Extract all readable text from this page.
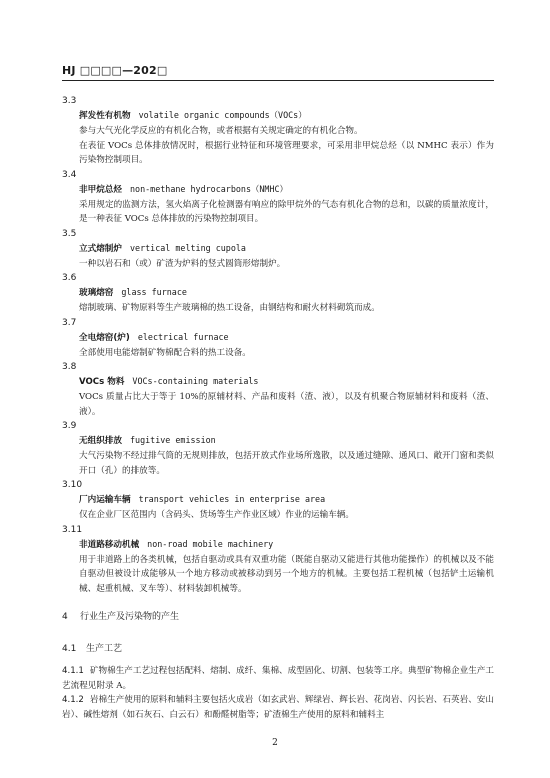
HJ □□□□—202□
3.3
挥发性有机物 volatile organic compounds（VOCs）
参与大气光化学反应的有机化合物，或者根据有关规定确定的有机化合物。
在表征 VOCs 总体排放情况时，根据行业特征和环境管理要求，可采用非甲烷总烃（以 NMHC 表示）作为污染物控制项目。
3.4
非甲烷总烃 non-methane hydrocarbons（NMHC）
采用规定的监测方法，氢火焰离子化检测器有响应的除甲烷外的气态有机化合物的总和，以碳的质量浓度计，是一种表征 VOCs 总体排放的污染物控制项目。
3.5
立式熔制炉 vertical melting cupola
一种以岩石和（或）矿渣为炉料的竖式圆筒形熔制炉。
3.6
玻璃熔窑 glass furnace
熔制玻璃、矿物原料等生产玻璃棉的热工设备，由钢结构和耐火材料砌筑而成。
3.7
全电熔窑(炉) electrical furnace
全部使用电能熔制矿物棉配合料的热工设备。
3.8
VOCs 物料 VOCs-containing materials
VOCs 质量占比大于等于 10%的原辅材料、产品和废料（渣、液），以及有机聚合物原辅材料和废料（渣、液）。
3.9
无组织排放 fugitive emission
大气污染物不经过排气筒的无规则排放，包括开放式作业场所逸散，以及通过缝隙、通风口、敞开门窗和类似开口（孔）的排放等。
3.10
厂内运输车辆 transport vehicles in enterprise area
仅在企业厂区范围内（含码头、货场等生产作业区域）作业的运输车辆。
3.11
非道路移动机械 non-road mobile machinery
用于非道路上的各类机械，包括自驱动或具有双重功能（既能自驱动又能进行其他功能操作）的机械以及不能自驱动但被设计成能够从一个地方移动或被移动到另一个地方的机械。主要包括工程机械（包括铲土运输机械、起重机械、叉车等）、材料装卸机械等。
4 行业生产及污染物的产生
4.1 生产工艺
4.1.1 矿物棉生产工艺过程包括配料、熔制、成纤、集棉、成型固化、切割、包装等工序。典型矿物棉企业生产工艺流程见附录 A。
4.1.2 岩棉生产使用的原料和辅料主要包括火成岩（如玄武岩、辉绿岩、辉长岩、花岗岩、闪长岩、石英岩、安山岩）、碱性熔剂（如石灰石、白云石）和酚醛树脂等；矿渣棉生产使用的原料和辅料主
2
